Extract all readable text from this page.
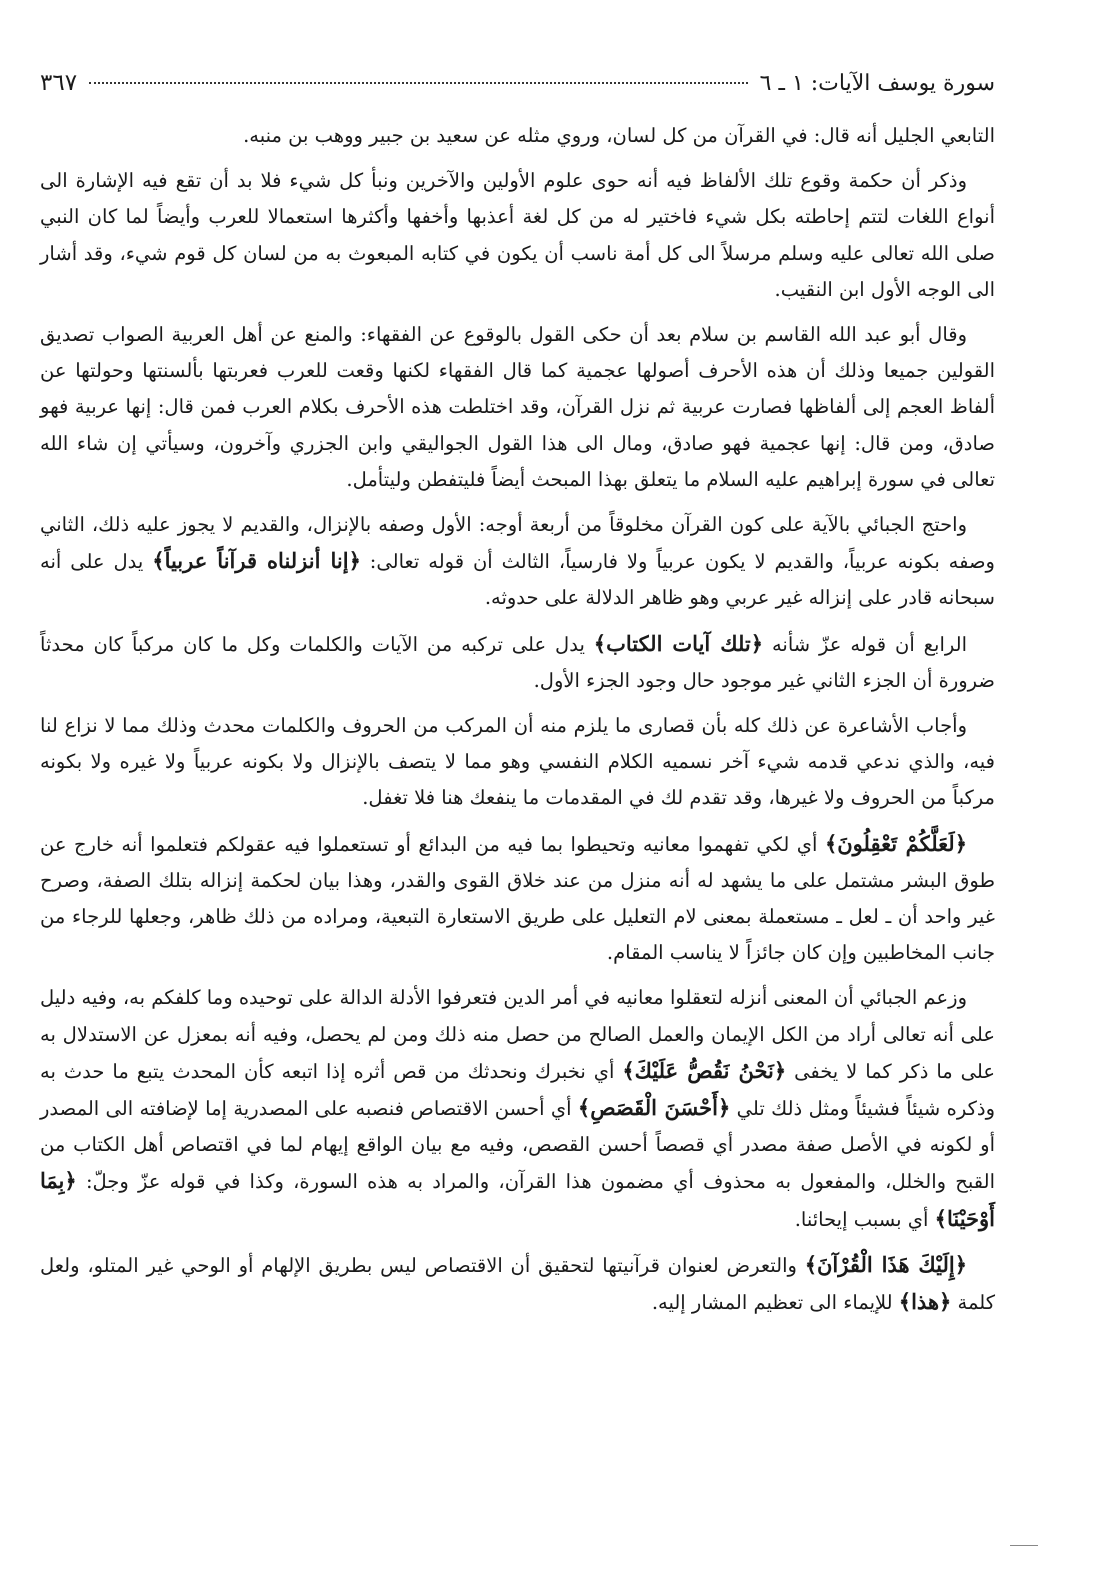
سورة يوسف الآيات: ١ ـ ٦
٣٦٧

التابعي الجليل أنه قال: في القرآن من كل لسان، وروي مثله عن سعيد بن جبير ووهب بن منبه.

وذكر أن حكمة وقوع تلك الألفاظ فيه أنه حوى علوم الأولين والآخرين ونبأ كل شيء فلا بد أن تقع فيه الإشارة الى أنواع اللغات لتتم إحاطته بكل شيء فاختير له من كل لغة أعذبها وأخفها وأكثرها استعمالا للعرب وأيضاً لما كان النبي صلى الله تعالى عليه وسلم مرسلاً الى كل أمة ناسب أن يكون في كتابه المبعوث به من لسان كل قوم شيء، وقد أشار الى الوجه الأول ابن النقيب.

وقال أبو عبد الله القاسم بن سلام بعد أن حكى القول بالوقوع عن الفقهاء: والمنع عن أهل العربية الصواب تصديق القولين جميعا وذلك أن هذه الأحرف أصولها عجمية كما قال الفقهاء لكنها وقعت للعرب فعربتها بألسنتها وحولتها عن ألفاظ العجم إلى ألفاظها فصارت عربية ثم نزل القرآن، وقد اختلطت هذه الأحرف بكلام العرب فمن قال: إنها عربية فهو صادق، ومن قال: إنها عجمية فهو صادق، ومال الى هذا القول الجواليقي وابن الجزري وآخرون، وسيأتي إن شاء الله تعالى في سورة إبراهيم عليه السلام ما يتعلق بهذا المبحث أيضاً فليتفطن وليتأمل.

واحتج الجبائي بالآية على كون القرآن مخلوقاً من أربعة أوجه: الأول وصفه بالإنزال، والقديم لا يجوز عليه ذلك، الثاني وصفه بكونه عربياً، والقديم لا يكون عربياً ولا فارسياً، الثالث أن قوله تعالى: ﴿إنا أنزلناه قرآناً عربياً﴾ يدل على أنه سبحانه قادر على إنزاله غير عربي وهو ظاهر الدلالة على حدوثه.

الرابع أن قوله عزّ شأنه ﴿تلك آيات الكتاب﴾ يدل على تركبه من الآيات والكلمات وكل ما كان مركباً كان محدثاً ضرورة أن الجزء الثاني غير موجود حال وجود الجزء الأول.

وأجاب الأشاعرة عن ذلك كله بأن قصارى ما يلزم منه أن المركب من الحروف والكلمات محدث وذلك مما لا نزاع لنا فيه، والذي ندعي قدمه شيء آخر نسميه الكلام النفسي وهو مما لا يتصف بالإنزال ولا بكونه عربياً ولا غيره ولا بكونه مركباً من الحروف ولا غيرها، وقد تقدم لك في المقدمات ما ينفعك هنا فلا تغفل.

﴿لَعَلَّكُمْ تَعْقِلُونَ﴾ أي لكي تفهموا معانيه وتحيطوا بما فيه من البدائع أو تستعملوا فيه عقولكم فتعلموا أنه خارج عن طوق البشر مشتمل على ما يشهد له أنه منزل من عند خلاق القوى والقدر، وهذا بيان لحكمة إنزاله بتلك الصفة، وصرح غير واحد أن ـ لعل ـ مستعملة بمعنى لام التعليل على طريق الاستعارة التبعية، ومراده من ذلك ظاهر، وجعلها للرجاء من جانب المخاطبين وإن كان جائزاً لا يناسب المقام.

وزعم الجبائي أن المعنى أنزله لتعقلوا معانيه في أمر الدين فتعرفوا الأدلة الدالة على توحيده وما كلفكم به، وفيه دليل على أنه تعالى أراد من الكل الإيمان والعمل الصالح من حصل منه ذلك ومن لم يحصل، وفيه أنه بمعزل عن الاستدلال به على ما ذكر كما لا يخفى ﴿نَحْنُ نَقُصُّ عَلَيْكَ﴾ أي نخبرك ونحدثك من قص أثره إذا اتبعه كأن المحدث يتبع ما حدث به وذكره شيئاً فشيئاً ومثل ذلك تلي ﴿أَحْسَنَ الْقَصَصِ﴾ أي أحسن الاقتصاص فنصبه على المصدرية إما لإضافته الى المصدر أو لكونه في الأصل صفة مصدر أي قصصاً أحسن القصص، وفيه مع بيان الواقع إيهام لما في اقتصاص أهل الكتاب من القبح والخلل، والمفعول به محذوف أي مضمون هذا القرآن، والمراد به هذه السورة، وكذا في قوله عزّ وجلّ: ﴿بِمَا أَوْحَيْنَا﴾ أي بسبب إيحائنا.

﴿إِلَيْكَ هَذَا الْقُرْآنَ﴾ والتعرض لعنوان قرآنيتها لتحقيق أن الاقتصاص ليس بطريق الإلهام أو الوحي غير المتلو، ولعل كلمة ﴿هذا﴾ للإيماء الى تعظيم المشار إليه.
